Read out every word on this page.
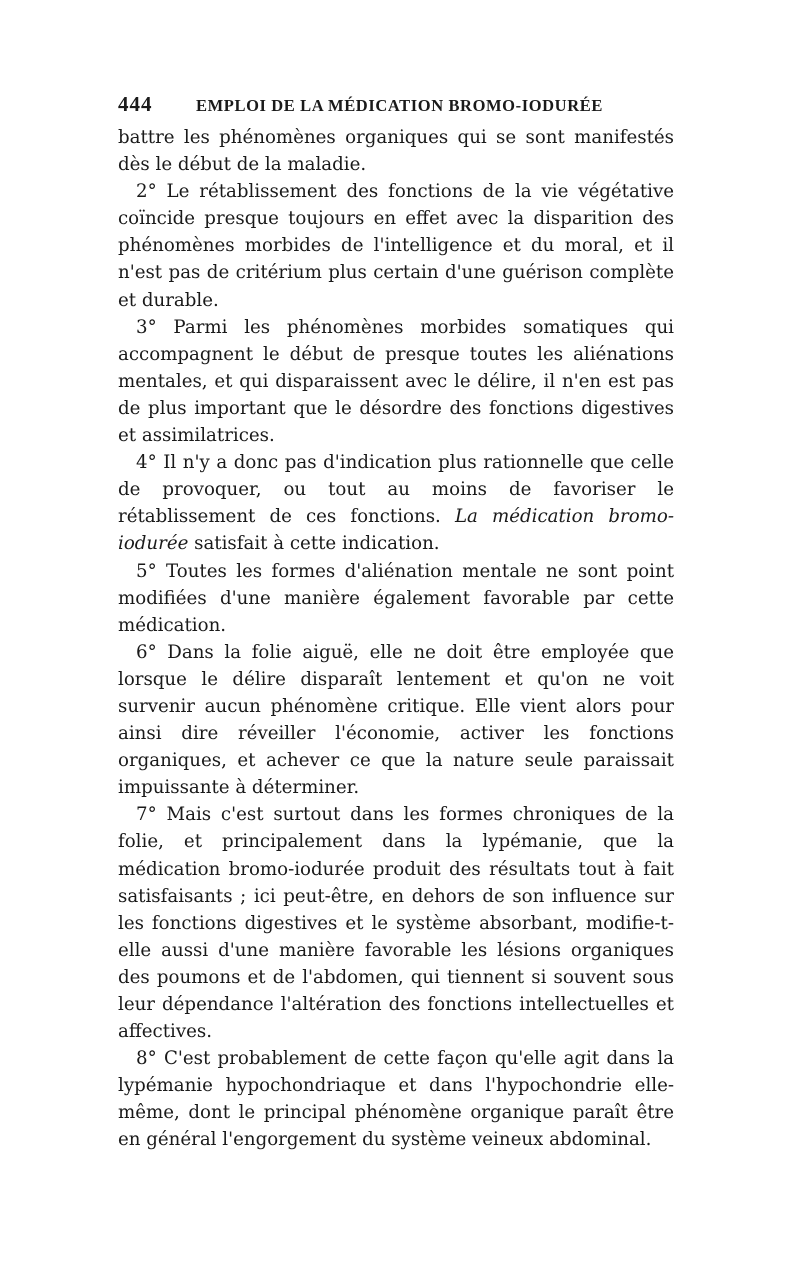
444	EMPLOI DE LA MÉDICATION BROMO-IODURÉE

battre les phénomènes organiques qui se sont manifestés dès le début de la maladie.

2° Le rétablissement des fonctions de la vie végétative coïncide presque toujours en effet avec la disparition des phénomènes morbides de l'intelligence et du moral, et il n'est pas de critérium plus certain d'une guérison complète et durable.

3° Parmi les phénomènes morbides somatiques qui accompagnent le début de presque toutes les aliénations mentales, et qui disparaissent avec le délire, il n'en est pas de plus important que le désordre des fonctions digestives et assimilatrices.

4° Il n'y a donc pas d'indication plus rationnelle que celle de provoquer, ou tout au moins de favoriser le rétablissement de ces fonctions. La médication bromo-iodurée satisfait à cette indication.

5° Toutes les formes d'aliénation mentale ne sont point modifiées d'une manière également favorable par cette médication.

6° Dans la folie aiguë, elle ne doit être employée que lorsque le délire disparaît lentement et qu'on ne voit survenir aucun phénomène critique. Elle vient alors pour ainsi dire réveiller l'économie, activer les fonctions organiques, et achever ce que la nature seule paraissait impuissante à déterminer.

7° Mais c'est surtout dans les formes chroniques de la folie, et principalement dans la lypémanie, que la médication bromo-iodurée produit des résultats tout à fait satisfaisants ; ici peut-être, en dehors de son influence sur les fonctions digestives et le système absorbant, modifie-t-elle aussi d'une manière favorable les lésions organiques des poumons et de l'abdomen, qui tiennent si souvent sous leur dépendance l'altération des fonctions intellectuelles et affectives.

8° C'est probablement de cette façon qu'elle agit dans la lypémanie hypochondriaque et dans l'hypochondrie elle-même, dont le principal phénomène organique paraît être en général l'engorgement du système veineux abdominal.
